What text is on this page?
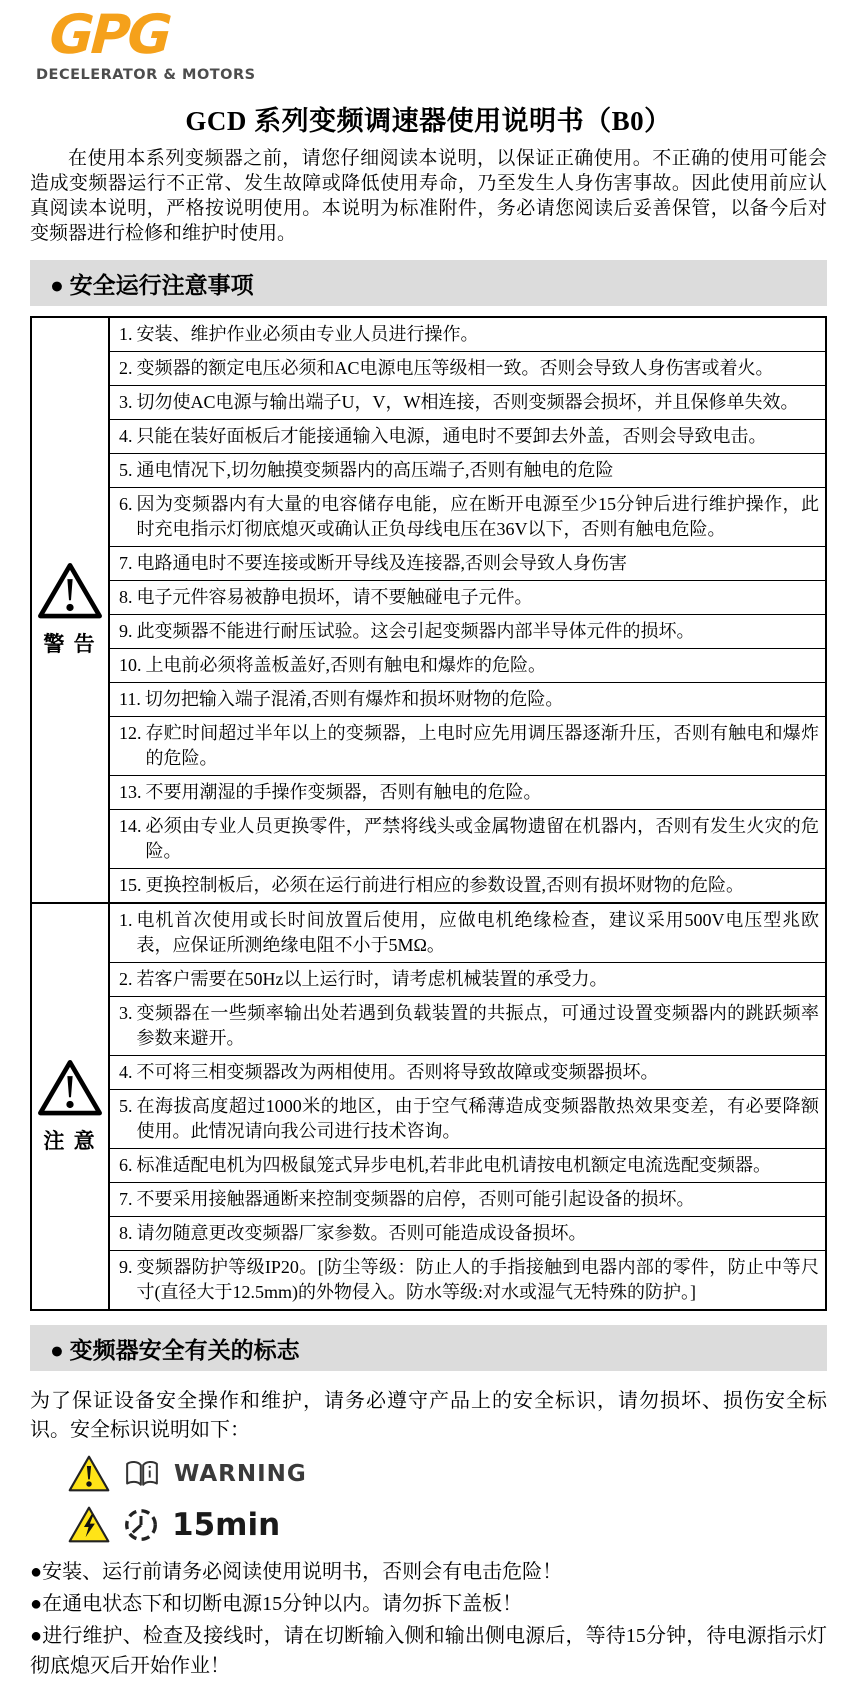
GPG
DECELERATOR & MOTORS
GCD 系列变频调速器使用说明书（B0）

在使用本系列变频器之前，请您仔细阅读本说明，以保证正确使用。不正确的使用可能会造成变频器运行不正常、发生故障或降低使用寿命，乃至发生人身伤害事故。因此使用前应认真阅读本说明，严格按说明使用。本说明为标准附件，务必请您阅读后妥善保管，以备今后对变频器进行检修和维护时使用。

● 安全运行注意事项
警 告
1. 安装、维护作业必须由专业人员进行操作。
2. 变频器的额定电压必须和AC电源电压等级相一致。否则会导致人身伤害或着火。
3. 切勿使AC电源与输出端子U，V，W相连接，否则变频器会损坏，并且保修单失效。
4. 只能在装好面板后才能接通输入电源，通电时不要卸去外盖，否则会导致电击。
5. 通电情况下,切勿触摸变频器内的高压端子,否则有触电的危险
6. 因为变频器内有大量的电容储存电能，应在断开电源至少15分钟后进行维护操作，此时充电指示灯彻底熄灭或确认正负母线电压在36V以下，否则有触电危险。
7. 电路通电时不要连接或断开导线及连接器,否则会导致人身伤害
8. 电子元件容易被静电损坏，请不要触碰电子元件。
9. 此变频器不能进行耐压试验。这会引起变频器内部半导体元件的损坏。
10. 上电前必须将盖板盖好,否则有触电和爆炸的危险。
11. 切勿把输入端子混淆,否则有爆炸和损坏财物的危险。
12. 存贮时间超过半年以上的变频器，上电时应先用调压器逐渐升压，否则有触电和爆炸的危险。
13. 不要用潮湿的手操作变频器，否则有触电的危险。
14. 必须由专业人员更换零件，严禁将线头或金属物遗留在机器内，否则有发生火灾的危险。
15. 更换控制板后，必须在运行前进行相应的参数设置,否则有损坏财物的危险。
注 意
1. 电机首次使用或长时间放置后使用，应做电机绝缘检查，建议采用500V电压型兆欧表，应保证所测绝缘电阻不小于5MΩ。
2. 若客户需要在50Hz以上运行时，请考虑机械装置的承受力。
3. 变频器在一些频率输出处若遇到负载装置的共振点，可通过设置变频器内的跳跃频率参数来避开。
4. 不可将三相变频器改为两相使用。否则将导致故障或变频器损坏。
5. 在海拔高度超过1000米的地区，由于空气稀薄造成变频器散热效果变差，有必要降额使用。此情况请向我公司进行技术咨询。
6. 标准适配电机为四极鼠笼式异步电机,若非此电机请按电机额定电流选配变频器。
7. 不要采用接触器通断来控制变频器的启停，否则可能引起设备的损坏。
8. 请勿随意更改变频器厂家参数。否则可能造成设备损坏。
9. 变频器防护等级IP20。[防尘等级：防止人的手指接触到电器内部的零件，防止中等尺寸(直径大于12.5mm)的外物侵入。防水等级:对水或湿气无特殊的防护。]
● 变频器安全有关的标志

为了保证设备安全操作和维护，请务必遵守产品上的安全标识，请勿损坏、损伤安全标识。安全标识说明如下：

WARNING
15min

●安装、运行前请务必阅读使用说明书，否则会有电击危险！

●在通电状态下和切断电源15分钟以内。请勿拆下盖板！

●进行维护、检查及接线时，请在切断输入侧和输出侧电源后，等待15分钟，待电源指示灯彻底熄灭后开始作业！
